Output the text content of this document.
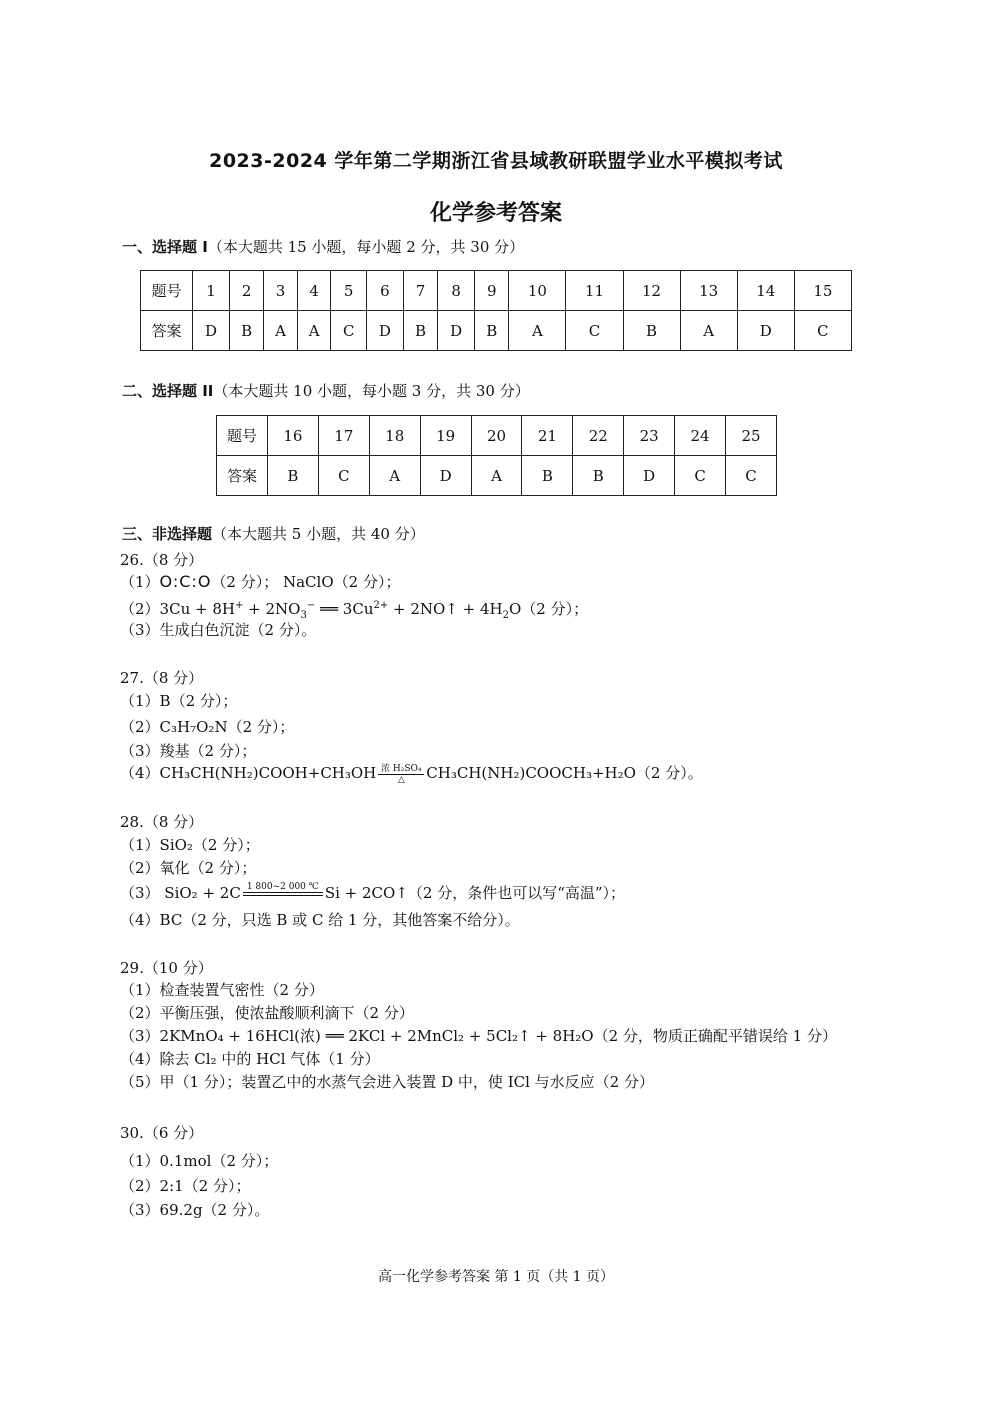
2023-2024 学年第二学期浙江省县域教研联盟学业水平模拟考试
化学参考答案
一、选择题 I（本大题共 15 小题，每小题 2 分，共 30 分）
题号	1	2	3	4	5	6	7	8	9	10	11	12	13	14	15
答案	D	B	A	A	C	D	B	D	B	A	C	B	A	D	C
二、选择题 II（本大题共 10 小题，每小题 3 分，共 30 分）
题号	16	17	18	19	20	21	22	23	24	25
答案	B	C	A	D	A	B	B	D	C	C
三、非选择题（本大题共 5 小题，共 40 分）
26.（8 分）
（1）O:C:O（2 分）； NaClO（2 分）；
$(2)3Cu + 8H^+ + 2NO_3^-$ ══ $3Cu^{2+}$ + 2NO↑ + $4H_2O(2$ 分）；
（3）生成白色沉淀（2 分）。
27.（8 分）
（1）B（2 分）；
（2）C₃H₇O₂N（2 分）；
（3）羧基（2 分）；
（4）CH₃CH(NH₂)COOH+CH₃OH 浓 H₂SO₄
△	CH₃CH(NH₂)COOCH₃+H₂O（2 分）。
28.（8 分）
（1）SiO₂（2 分）；
（2）氧化（2 分）；
（3） SiO₂ + 2C 1 800~2 000 ℃
Si + 2CO↑（2 分，条件也可以写“高温”）；
（4）BC（2 分，只选 B 或 C 给 1 分，其他答案不给分）。
29.（10 分）
（1）检查装置气密性（2 分）
（2）平衡压强，使浓盐酸顺利滴下（2 分）
（3）2KMnO₄ + 16HCl(浓) ══ 2KCl + 2MnCl₂ + 5Cl₂↑ + 8H₂O（2 分，物质正确配平错误给 1 分）
（4）除去 Cl₂ 中的 HCl 气体（1 分）
（5）甲（1 分）；装置乙中的水蒸气会进入装置 D 中，使 ICl 与水反应（2 分）
30.（6 分）
（1）0.1mol（2 分）；
（2）2:1（2 分）；
（3）69.2g（2 分）。
高一化学参考答案 第 1 页（共 1 页）
